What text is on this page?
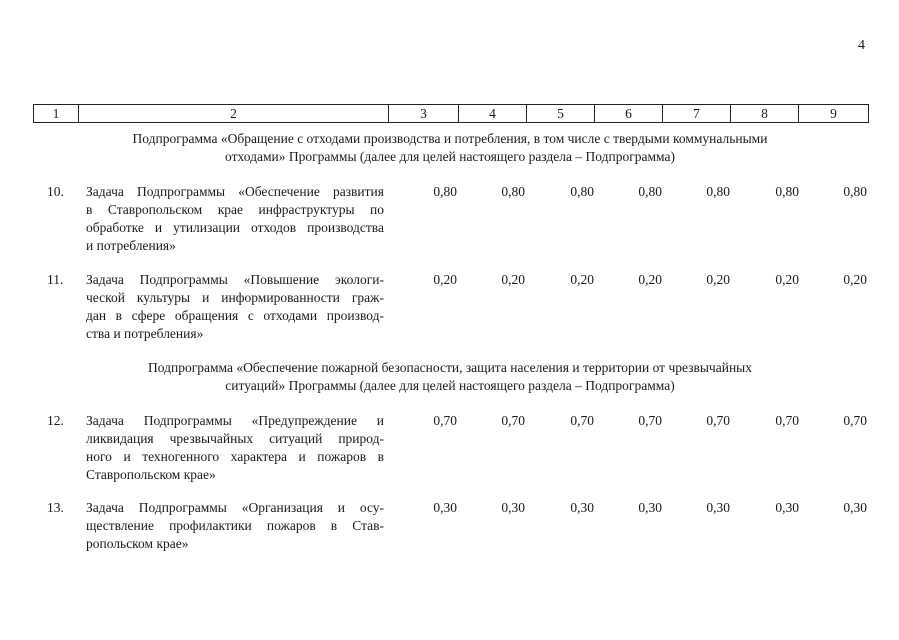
4
1	2	3	4	5	6	7	8	9
Подпрограмма «Обращение с отходами производства и потребления, в том числе с твердыми коммунальными
отходами» Программы (далее для целей настоящего раздела – Подпрограмма)
10. Задача Подпрограммы «Обеспечение развития
в Ставропольском крае инфраструктуры по
обработке и утилизации отходов производства
и потребления»
0,80	0,80	0,80	0,80	0,80	0,80	0,80
11. Задача Подпрограммы «Повышение экологи-
ческой культуры и информированности граж-
дан в сфере обращения с отходами производ-
ства и потребления»
0,20	0,20	0,20	0,20	0,20	0,20	0,20
Подпрограмма «Обеспечение пожарной безопасности, защита населения и территории от чрезвычайных
ситуаций» Программы (далее для целей настоящего раздела – Подпрограмма)
12. Задача Подпрограммы «Предупреждение и
ликвидация чрезвычайных ситуаций природ-
ного и техногенного характера и пожаров в
Ставропольском крае»
0,70	0,70	0,70	0,70	0,70	0,70	0,70
13. Задача Подпрограммы «Организация и осу-
ществление профилактики пожаров в Став-
ропольском крае»
0,30	0,30	0,30	0,30	0,30	0,30	0,30
